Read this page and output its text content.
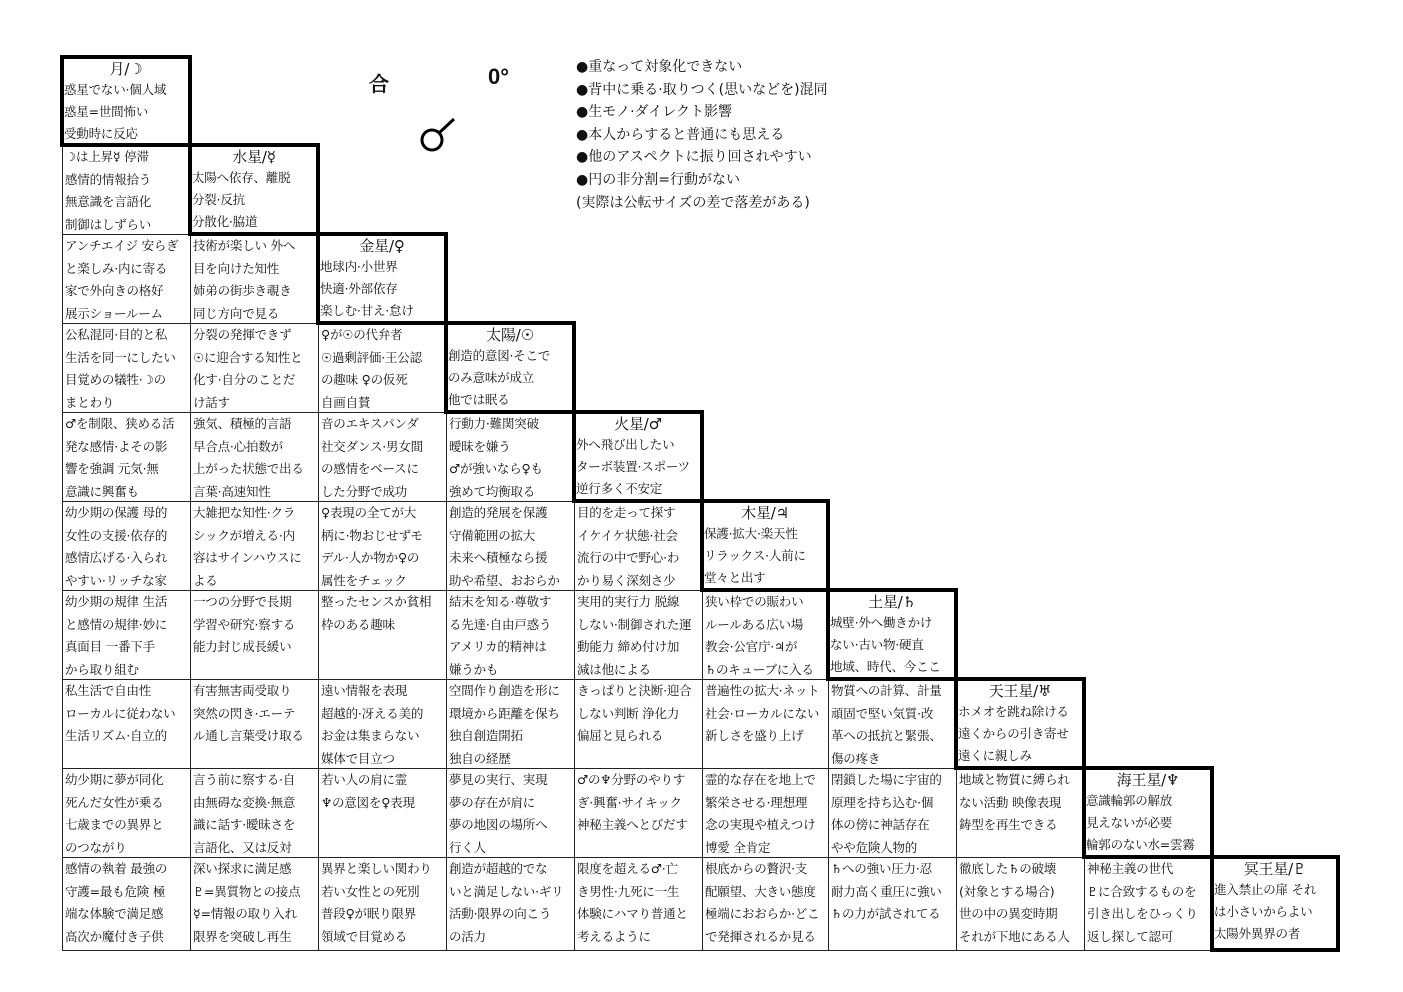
合	0°	●重なって対象化できない
●背中に乗る·取りつく(思いなどを)混同
●生モノ·ダイレクト影響
●本人からすると普通にも思える
●他のアスペクトに振り回されやすい
●円の非分割=行動がない
(実際は公転サイズの差で落差がある)
☽は上昇☿ 停滞
感情的情報拾う
無意識を言語化
制御はしずらい
アンチエイジ 安らぎ
と楽しみ·内に寄る
家で外向きの格好
展示ショールーム
技術が楽しい 外へ
目を向けた知性
姉弟の街歩き覗き
同じ方向で見る
公私混同·目的と私
生活を同一にしたい
目覚めの犠牲·☽の
まとわり
分裂の発揮できず
☉に迎合する知性と
化す·自分のことだ
け話す
♀が☉の代弁者
☉過剰評価·王公認
の趣味 ♀の仮死
自画自賛
♂を制限、狭める活
発な感情·よその影
響を強調 元気·無
意識に興奮も
強気、積極的言語
早合点·心拍数が
上がった状態で出る
言葉·高速知性
音のエキスパンダ
社交ダンス·男女間
の感情をベースに
した分野で成功
行動力·難関突破
曖昧を嫌う
♂が強いなら♀も
強めて均衡取る
幼少期の保護 母的
女性の支援·依存的
感情広げる·入られ
やすい·リッチな家
大雑把な知性·クラ
シックが増える·内
容はサインハウスに
よる
♀表現の全てが大
柄に·物おじせずモ
デル·人か物か♀の
属性をチェック
創造的発展を保護
守備範囲の拡大
未来へ積極なら援
助や希望、おおらか
目的を走って探す
イケイケ状態·社会
流行の中で野心·わ
かり易く深刻さ少
幼少期の規律 生活
と感情の規律·妙に
真面目 一番下手
から取り組む
一つの分野で長期
学習や研究·察する
能力封じ成長緩い
整ったセンスか貧相
枠のある趣味
結末を知る·尊敬す
る先達·自由戸惑う
アメリカ的精神は
嫌うかも
実用的実行力 脱線
しない·制御された運
動能力 締め付け加
減は他による
狭い枠での賑わい
ルールある広い場
教会·公官庁·♃が
♄のキューブに入る
私生活で自由性
ローカルに従わない
生活リズム·自立的
有害無害両受取り
突然の閃き·エーテ
ル通し言葉受け取る
遠い情報を表現
超越的·冴える美的
お金は集まらない
媒体で目立つ
空間作り創造を形に
環境から距離を保ち
独自創造開拓
独自の経歴
きっぱりと決断·迎合
しない判断 浄化力
偏屈と見られる
普遍性の拡大·ネット
社会·ローカルにない
新しさを盛り上げ
物質への計算、計量
頑固で堅い気質·改
革への抵抗と緊張、
傷の疼き
幼少期に夢が同化
死んだ女性が乗る
七歳までの異界と
のつながり
言う前に察する·自
由無碍な変換·無意
識に話す·曖昧さを
言語化、又は反対
若い人の肩に霊
♆の意図を♀表現
夢見の実行、実現
夢の存在が肩に
夢の地図の場所へ
行く人
♂の♆分野のやりす
ぎ·興奮·サイキック
神秘主義へとびだす
霊的な存在を地上で
繁栄させる·理想理
念の実現や植えつけ
博愛 全肯定
閉鎖した場に宇宙的
原理を持ち込む·個
体の傍に神話存在
やや危険人物的
地域と物質に縛られ
ない活動 映像表現
鋳型を再生できる
感情の執着 最強の
守護=最も危険 極
端な体験で満足感
高次か魔付き子供
深い探求に満足感
♇=異質物との接点
☿=情報の取り入れ
限界を突破し再生
異界と楽しい関わり
若い女性との死別
普段♀が眠り限界
領域で目覚める
創造が超越的でな
いと満足しない·ギリ
活動·限界の向こう
の活力
限度を超える♂·亡
き男性·九死に一生
体験にハマり普通と
考えるように
根底からの贅沢·支
配願望、大きい態度
極端におおらか·どこ
で発揮されるか見る
♄への強い圧力·忍
耐力高く重圧に強い
♄の力が試されてる
徹底した♄の破壊
(対象とする場合)
世の中の異変時期
それが下地にある人
神秘主義の世代
♇に合致するものを
引き出しをひっくり
返し探して認可
月/☽
惑星でない·個人域
惑星=世間怖い
受動時に反応
水星/☿
太陽へ依存、離脱
分裂·反抗
分散化·脇道
金星/♀
地球内·小世界
快適·外部依存
楽しむ·甘え·怠け
太陽/☉
創造的意図·そこで
のみ意味が成立
他では眠る
火星/♂
外へ飛び出したい
ターボ装置·スポーツ
逆行多く不安定
木星/♃
保護·拡大·楽天性
リラックス·人前に
堂々と出す
土星/♄
城壁·外へ働きかけ
ない·古い物·硬直
地域、時代、今ここ
天王星/♅
ホメオを跳ね除ける
遠くからの引き寄せ
遠くに親しみ
海王星/♆
意識輪郭の解放
見えないが必要
輪郭のない水=雲霧
冥王星/♇
進入禁止の扉 それ
は小さいからよい
太陽外異界の者
